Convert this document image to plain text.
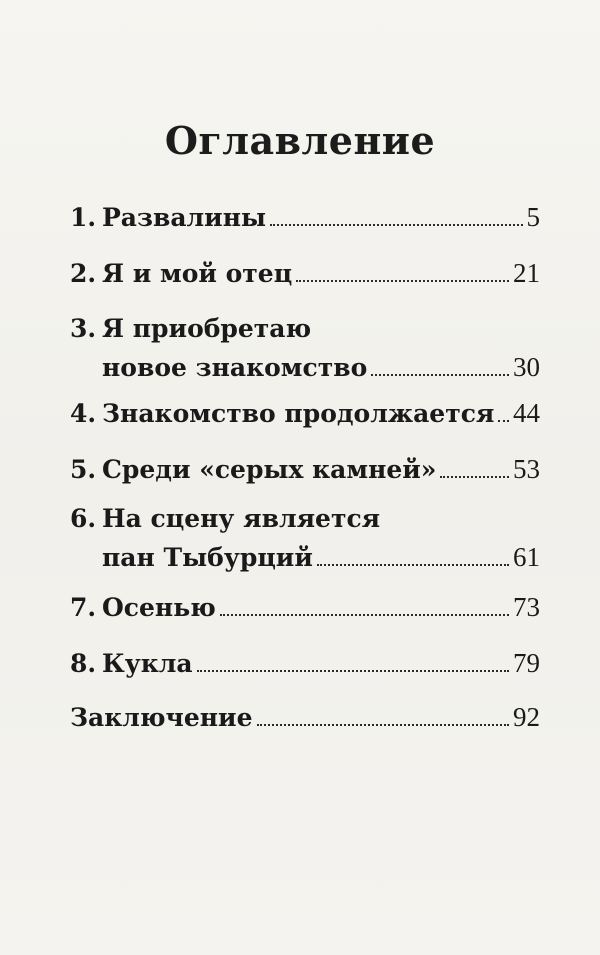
Оглавление
1. Развалины	5
2. Я и мой отец	21
3. Я приобретаю
новое знакомство	30
4. Знакомство продолжается 44
5. Среди «серых камней»	53
6. На сцену является
пан Тыбурций	61
7. Осенью	73
8. Кукла	79
Заключение	92
